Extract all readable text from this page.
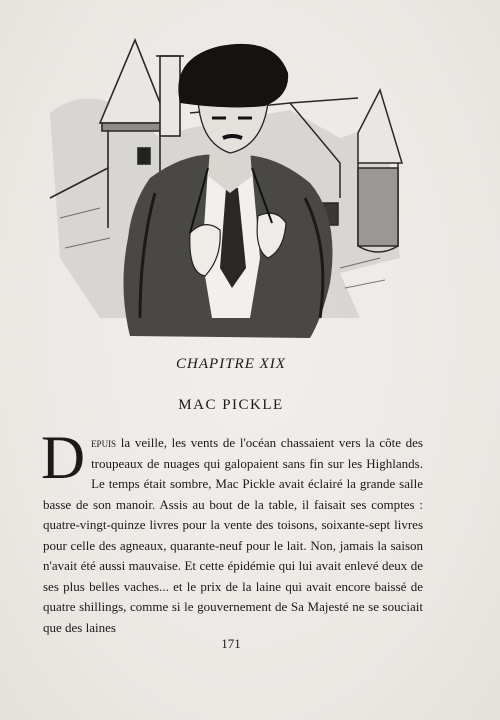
CHAPITRE XIX
MAC PICKLE
Depuis la veille, les vents de l'océan chassaient vers la côte des troupeaux de nuages qui galopaient sans fin sur les Highlands. Le temps était sombre, Mac Pickle avait éclairé la grande salle basse de son manoir. Assis au bout de la table, il faisait ses comptes : quatre-vingt-quinze livres pour la vente des toisons, soixante-sept livres pour celle des agneaux, quarante-neuf pour le lait. Non, jamais la saison n'avait été aussi mauvaise. Et cette épidémie qui lui avait enlevé deux de ses plus belles vaches... et le prix de la laine qui avait encore baissé de quatre shillings, comme si le gouvernement de Sa Majesté ne se souciait que des laines
171
